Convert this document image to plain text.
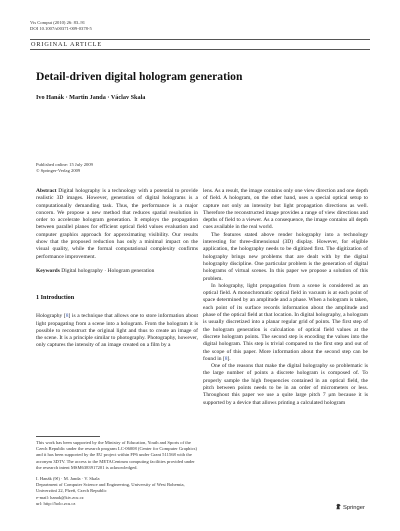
Vis Comput (2010) 26: 83–91
DOI 10.1007/s00371-009-0378-5
ORIGINAL ARTICLE
Detail-driven digital hologram generation
Ivo Hanák · Martin Janda · Václav Skala
Published online: 15 July 2009
© Springer-Verlag 2009

Abstract Digital holography is a technology with a potential to provide realistic 3D images. However, generation of digital holograms is a computationally demanding task. Thus, the performance is a major concern. We propose a new method that reduces spatial resolution in order to accelerate hologram generation. It employs the propagation between parallel planes for efficient optical field values evaluation and computer graphics approach for approximating visibility. Our results show that the proposed reduction has only a minimal impact on the visual quality, while the formal computational complexity confirms performance improvement.

Keywords Digital holography · Hologram generation

1 Introduction

Holography [8] is a technique that allows one to store information about light propagating from a scene into a hologram. From the hologram it is possible to reconstruct the original light and thus to create an image of the scene. It is a principle similar to photography. Photography, however, only captures the intensity of an image created on a film by a

This work has been supported by the Ministry of Education, Youth and Sports of the Czech Republic under the research program LC-06008 (Center for Computer Graphics) and it has been supported by the EU project within FP6 under Grant 511568 with the acronym 3DTV. The access to the METACentrum computing facilities provided under the research intent MSM6383917201 is acknowledged.

I. Hanák (✉) · M. Janda · V. Skala

Department of Computer Science and Engineering, University of West Bohemia, Univerzitní 22, Plzeň, Czech Republic

e-mail: hanak@kiv.zcu.cz

url: http://holo.zcu.cz

lens. As a result, the image contains only one view direction and one depth of field. A hologram, on the other hand, uses a special optical setup to capture not only an intensity but light propagation directions as well. Therefore the reconstructed image provides a range of view directions and depths of field to a viewer. As a consequence, the image contains all depth cues available in the real world.

The features stated above render holography into a technology interesting for three-dimensional (3D) display. However, for eligible application, the holography needs to be digitized first. The digitization of holography brings new problems that are dealt with by the digital holography discipline. One particular problem is the generation of digital holograms of virtual scenes. In this paper we propose a solution of this problem.

In holography, light propagation from a scene is considered as an optical field. A monochromatic optical field in vacuum is at each point of space determined by an amplitude and a phase. When a hologram is taken, each point of its surface records information about the amplitude and phase of the optical field at that location. In digital holography, a hologram is usually discretized into a planar regular grid of points. The first step of the hologram generation is calculation of optical field values at the discrete hologram points. The second step is encoding the values into the digital hologram. This step is trivial compared to the first step and out of the scope of this paper. More information about the second step can be found in [8].

One of the reasons that make the digital holography so problematic is the large number of points a discrete hologram is composed of. To properly sample the high frequencies contained in an optical field, the pitch between points needs to be in an order of micrometers or less. Throughout this paper we use a quite large pitch 7 μm because it is supported by a device that allows printing a calculated hologram

Springer
